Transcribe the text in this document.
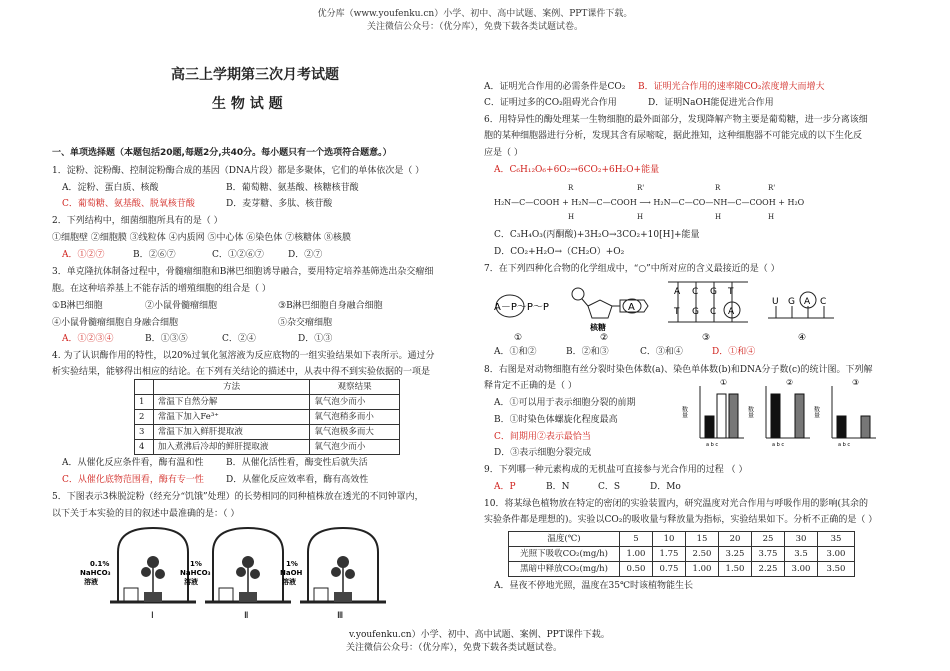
优分库（www.youfenku.cn）小学、初中、高中试题、案例、PPT课件下载。
关注微信公众号：（优分库），免费下载各类试题试卷。
v.youfenku.cn）小学、初中、高中试题、案例、PPT课件下载。
关注微信公众号：（优分库），免费下载各类试题试卷。
高三上学期第三次月考试题
生 物 试 题
一、单项选择题（本题包括20题,每题2分,共40分。每小题只有一个选项符合题意。）
1．淀粉、淀粉酶、控制淀粉酶合成的基因（DNA片段）都是多聚体，它们的单体依次是（ ）
A．淀粉、蛋白质、核酸	B．葡萄糖、氨基酸、核糖核苷酸
C．葡萄糖、氨基酸、脱氧核苷酸	D．麦芽糖、多肽、核苷酸
2．下列结构中，细菌细胞所具有的是（ ）
①细胞壁 ②细胞膜 ③线粒体 ④内质网 ⑤中心体 ⑥染色体 ⑦核糖体 ⑧核膜
A．①②⑦	B．②⑥⑦	C．①②⑥⑦	D．②⑦
3．单克隆抗体制备过程中，骨髓瘤细胞和B淋巴细胞诱导融合，要用特定培养基筛选出杂交瘤细
胞。在这种培养基上不能存活的增殖细胞的组合是（ ）
①B淋巴细胞	②小鼠骨髓瘤细胞	③B淋巴细胞自身融合细胞
④小鼠骨髓瘤细胞自身融合细胞	⑤杂交瘤细胞
A．①②③④	B．①③⑤	C．②④	D．①③
4. 为了认识酶作用的特性，以20%过氧化氢溶液为反应底物的一组实验结果如下表所示。通过分
析实验结果，能够得出相应的结论。在下列有关结论的描述中，从表中得不到实验依据的一项是
	方法	观察结果
1	常温下自然分解	氧气泡少而小
2	常温下加入Fe³⁺	氧气泡稍多而小
3	常温下加入鲜肝提取液	氧气泡极多而大
4	加入煮沸后冷却的鲜肝提取液	氧气泡少而小
A．从催化反应条件看，酶有温和性 B．从催化活性看，酶变性后就失活
C．从催化底物范围看，酶有专一性 D．从催化反应效率看，酶有高效性
5．下图表示3株脱淀粉（经充分“饥饿”处理）的长势相同的同种植株放在透光的不同钟罩内，
以下关于本实验的目的叙述中最准确的是：（ ）
0.1%
NaHCO₃
溶液
Ⅰ
1%
NaHCO₃
溶液
Ⅱ
1%
NaOH
溶液
Ⅲ
A．证明光合作用的必需条件是CO₂ B．证明光合作用的速率随CO₂浓度增大而增大
C．证明过多的CO₂阻碍光合作用	D．证明NaOH能促进光合作用
6．用特异性的酶处理某一生物细胞的最外面部分，发现降解产物主要是葡萄糖，进一步分离该细
胞的某种细胞器进行分析，发现其含有尿嘧啶，据此推知，这种细胞器不可能完成的以下生化反
应是（ ）
A．C₆H₁₂O₆+6O₂→6CO₂+6H₂O+能量
R	R'	R	R'
H₂N—C—COOH + H₂N—C—COOH ⟶ H₂N—C—CO—NH—C—COOH + H₂O
H	H	H	H
C．C₃H₄O₃(丙酮酸)+3H₂O→3CO₂+10[H]+能量
D．CO₂+H₂O→（CH₂O）+O₂
7．在下列四种化合物的化学组成中，“○”中所对应的含义最接近的是（ ）
A－P～P～P
①
A
核糖
②
A C G T
T G C A
③
U G A C
④
A．①和②	B．②和③	C．③和④	D．①和④
8．右图是对动物细胞有丝分裂时染色体数(a)、染色单体数(b)和DNA分子数(c)的统计图。下列解
释肯定不正确的是（ ）
A．①可以用于表示细胞分裂的前期
B．①时染色体螺旋化程度最高
C．间期用②表示最恰当
D．③表示细胞分裂完成
数量
a b c
①
数量
a b c
②
数量
a b c
③
9．下列哪一种元素构成的无机盐可直接参与光合作用的过程 （ ）
A．P	B．N	C．S	D．Mo
10．将某绿色植物放在特定的密闭的实验装置内，研究温度对光合作用与呼吸作用的影响(其余的
实验条件都是理想的)。实验以CO₂的吸收量与释放量为指标，实验结果如下。分析不正确的是（ ）
温度(℃)	5	10	15	20	25	30	35
光照下吸收CO₂(mg/h)	1.00	1.75	2.50	3.25	3.75	3.5	3.00
黑暗中释放CO₂(mg/h)	0.50	0.75	1.00	1.50	2.25	3.00	3.50
A．昼夜不停地光照，温度在35℃时该植物能生长
